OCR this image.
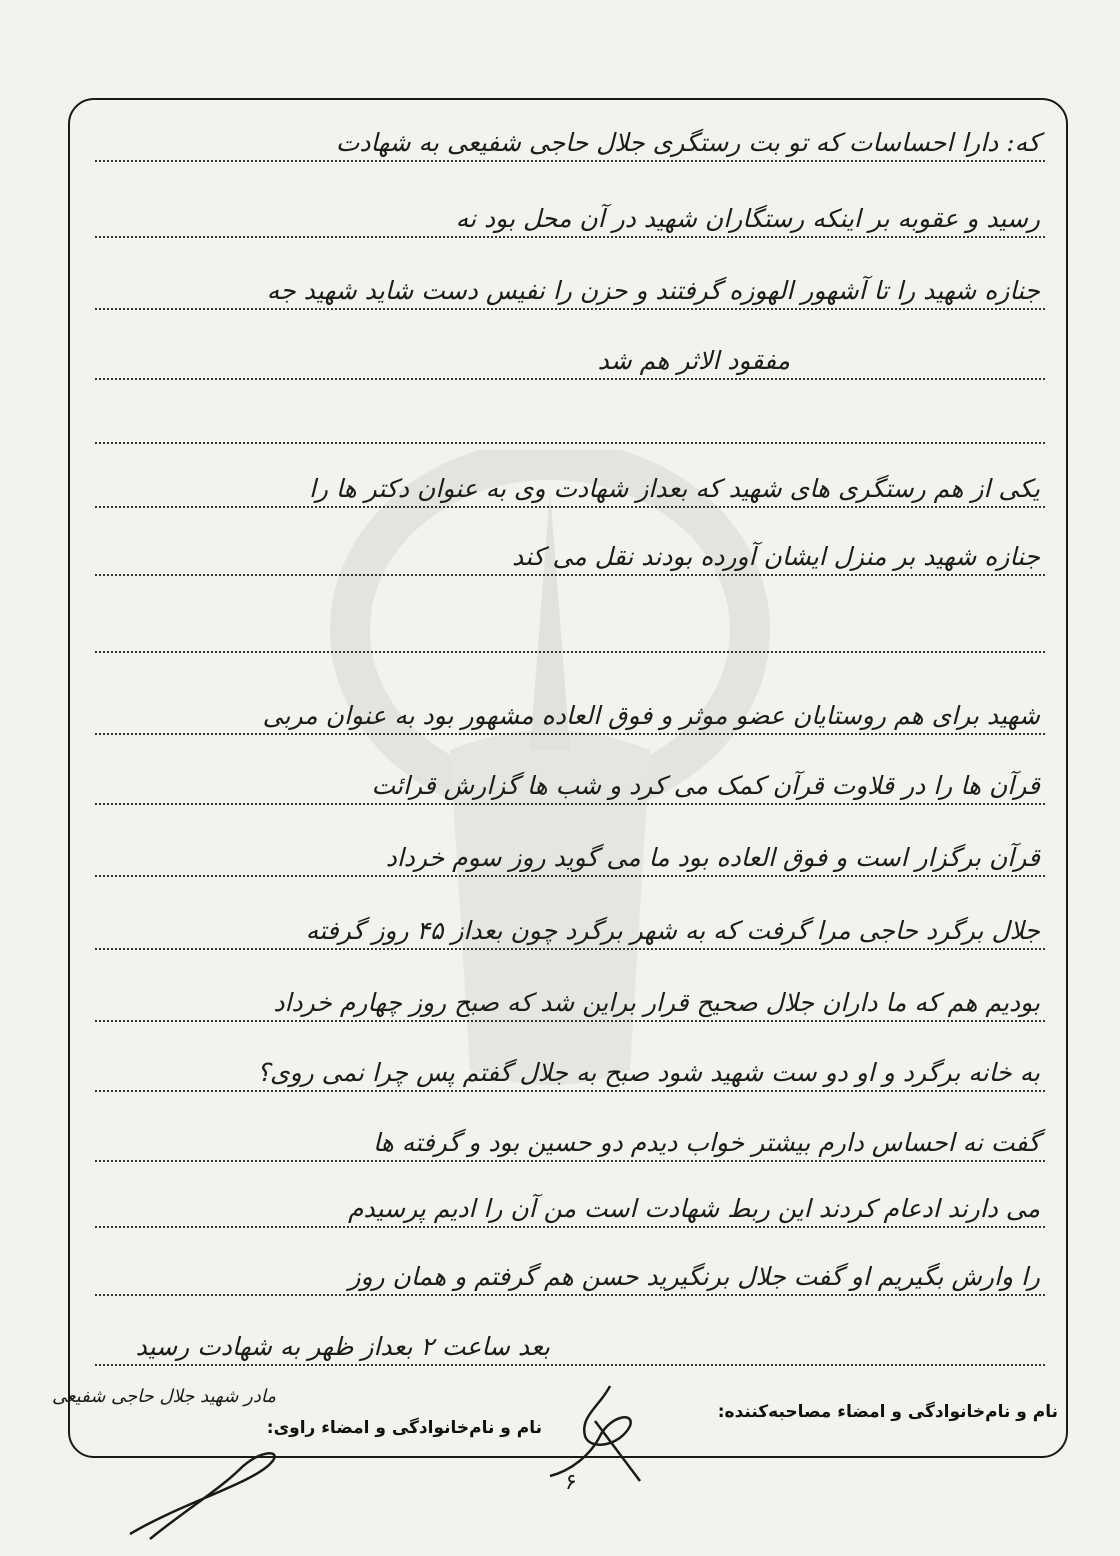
که: دارا احساسات که تو بت رستگری جلال حاجی شفیعی به شهادت
رسید و عقوبه بر اینکه رستگاران شهید در آن محل بود نه
جنازه شهید را تا آشهور الهوزه گرفتند و حزن را نفیس دست شاید شهید جه
مفقود الاثر هم شد
یکی از هم رستگری های شهید که بعداز شهادت وی به عنوان دکتر ها را
جنازه شهید بر منزل ایشان آورده بودند نقل می کند
شهید برای هم روستایان عضو موثر و فوق العاده مشهور بود به عنوان مربی
قرآن ها را در قلاوت قرآن کمک می کرد و شب ها گزارش قرائت
قرآن برگزار است و فوق العاده بود ما می گوید روز سوم خرداد
جلال برگرد حاجی مرا گرفت که به شهر برگرد چون بعداز ۴۵ روز گرفته
بودیم هم که ما داران جلال صحیح قرار براین شد که صبح روز چهارم خرداد
به خانه برگرد و او دو ست شهید شود صبح به جلال گفتم پس چرا نمی روی؟
گفت نه احساس دارم بیشتر خواب دیدم دو حسین بود و گرفته ها
می دارند ادعام کردند این ربط شهادت است من آن را ادیم پرسیدم
را وارش بگیریم او گفت جلال برنگیرید حسن هم گرفتم و همان روز
بعد ساعت ۲ بعداز ظهر به شهادت رسید
مادر شهید جلال حاجی شفیعی
نام و نام‌خانوادگی و امضاء مصاحبه‌کننده:
نام و نام‌خانوادگی و امضاء راوی:
۶
